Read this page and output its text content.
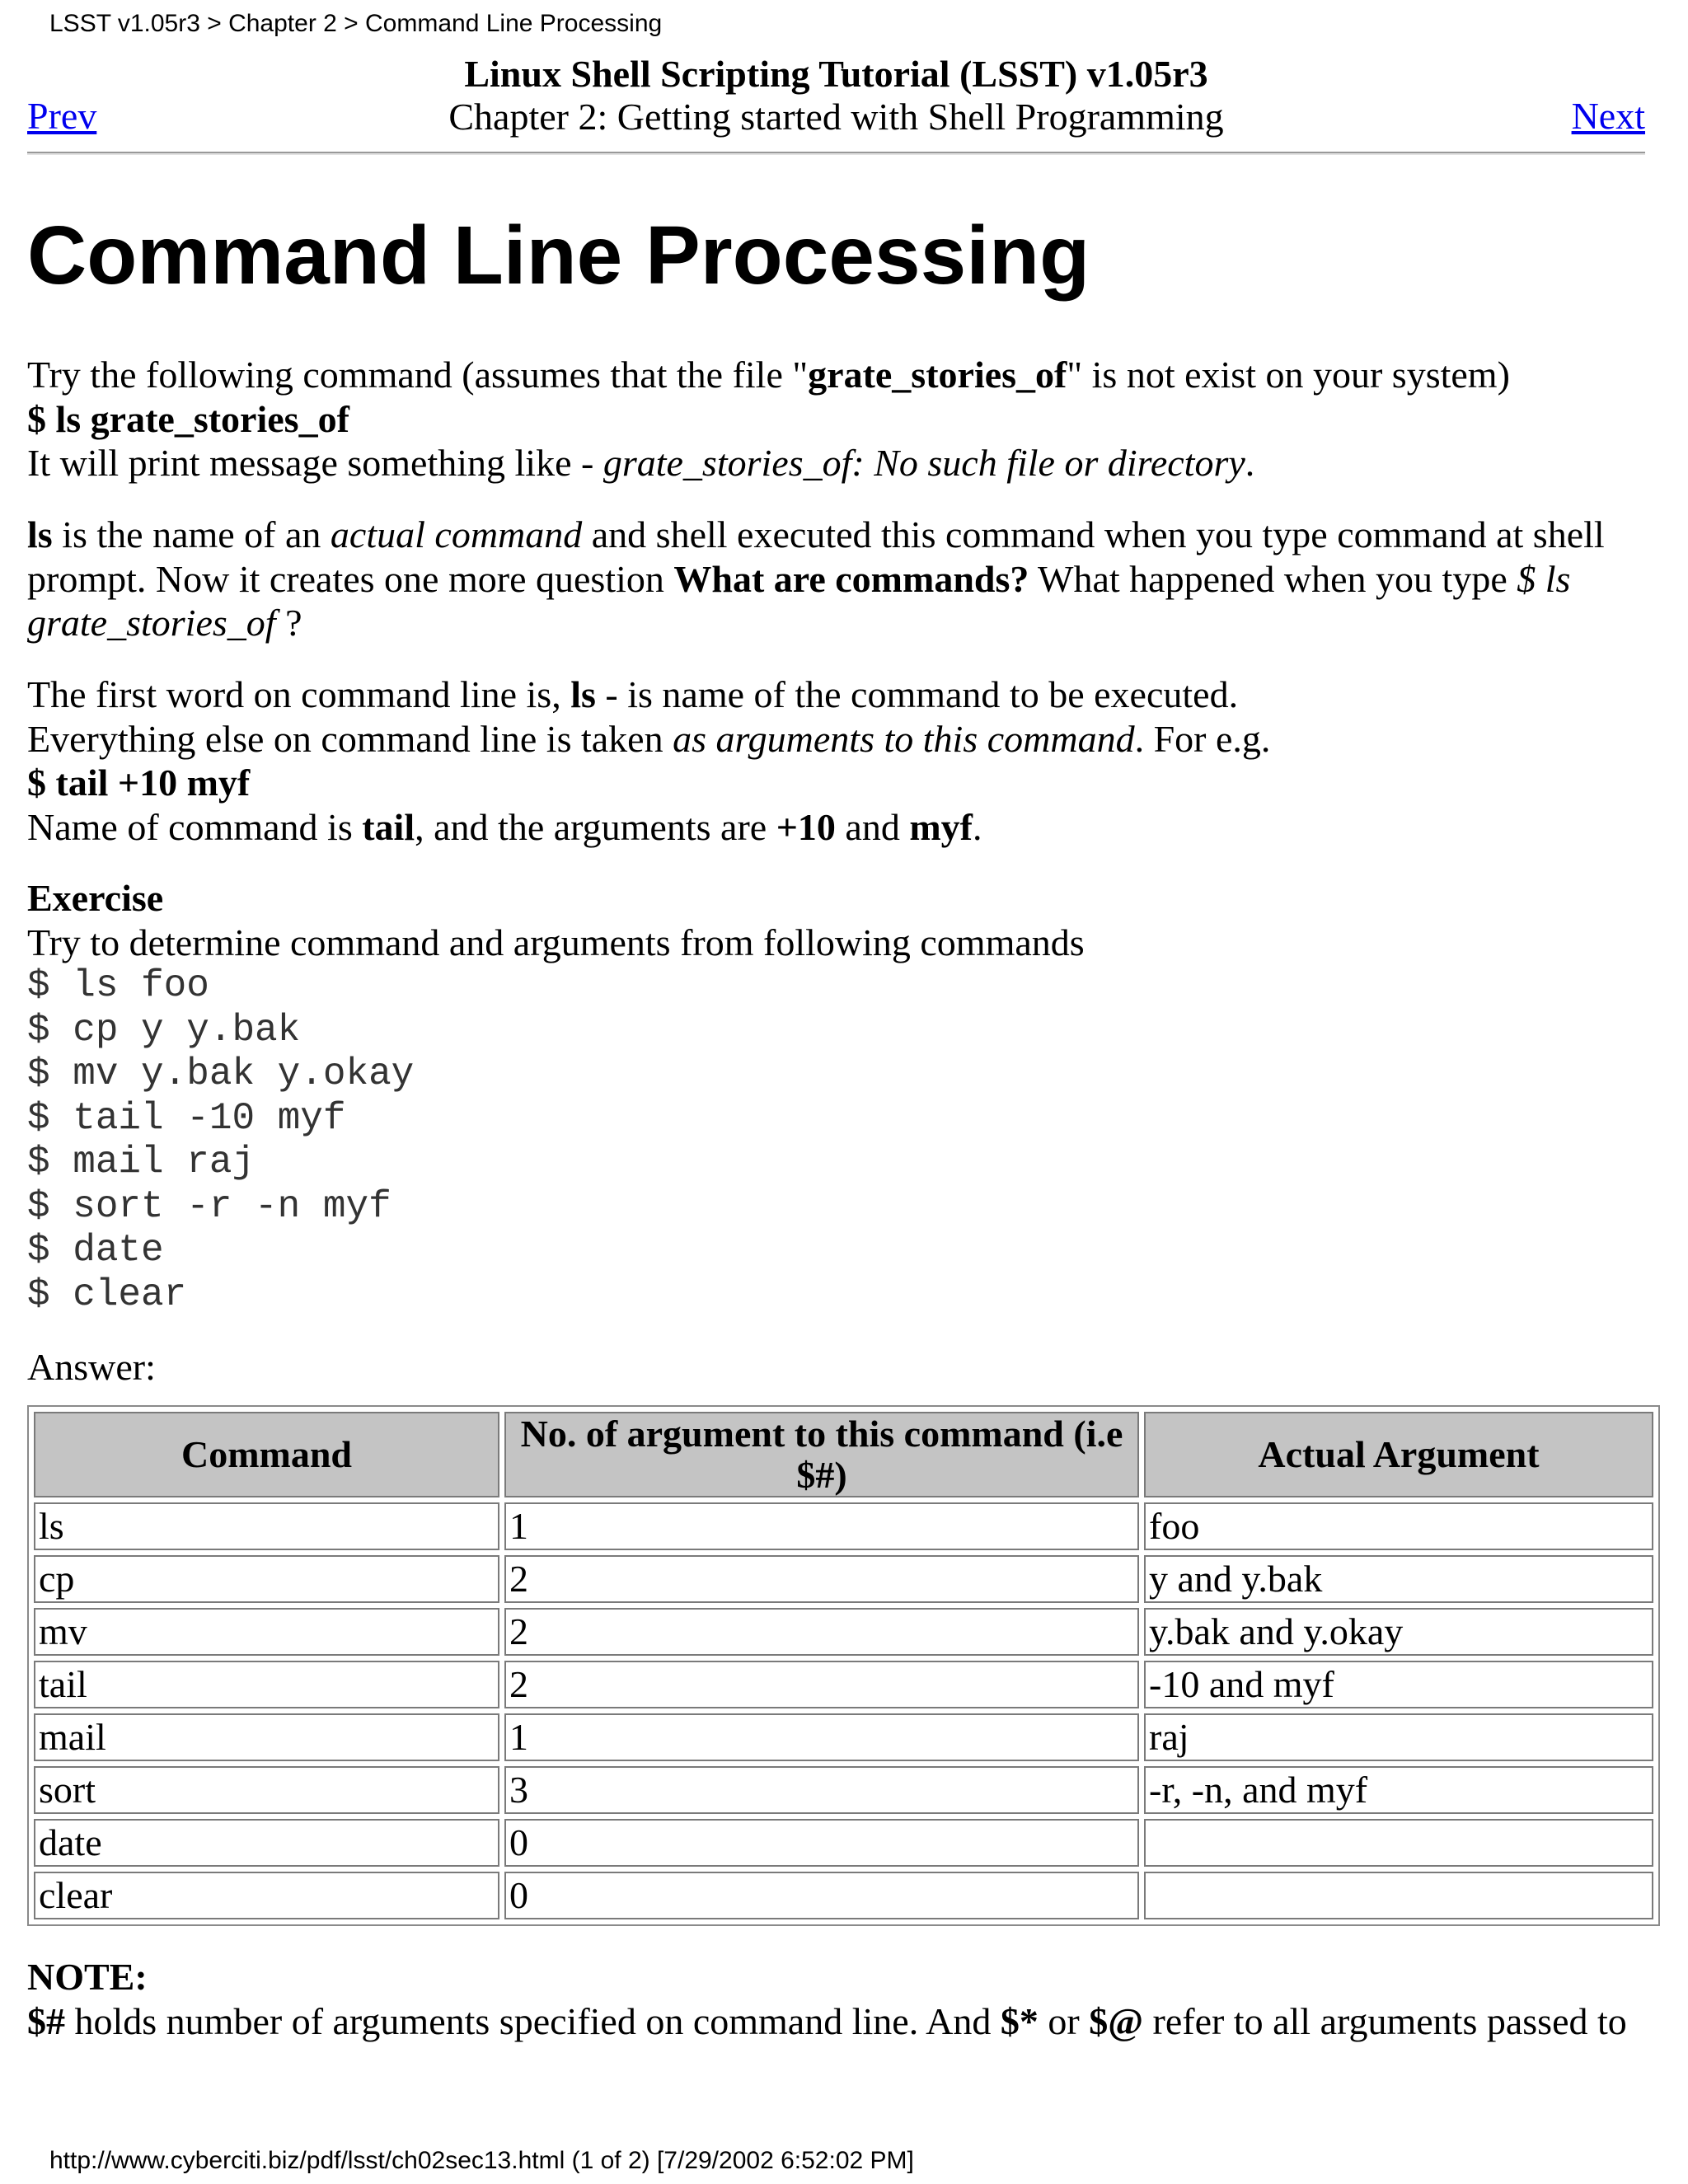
LSST v1.05r3 > Chapter 2 > Command Line Processing
Prev
Linux Shell Scripting Tutorial (LSST) v1.05r3
Chapter 2: Getting started with Shell Programming	Next
Command Line Processing
Try the following command (assumes that the file "grate_stories_of" is not exist on your system)
$ ls grate_stories_of
It will print message something like - grate_stories_of: No such file or directory.
ls is the name of an actual command and shell executed this command when you type command at shell prompt. Now it creates one more question What are commands? What happened when you type $ ls grate_stories_of ?
The first word on command line is, ls - is name of the command to be executed.
Everything else on command line is taken as arguments to this command. For e.g.
$ tail +10 myf
Name of command is tail, and the arguments are +10 and myf.
Exercise
Try to determine command and arguments from following commands
$ ls foo
$ cp y y.bak
$ mv y.bak y.okay
$ tail -10 myf
$ mail raj
$ sort -r -n myf
$ date
$ clear
Answer:
Command	No. of argument to this command (i.e $#)	Actual Argument
ls	1	foo
cp	2	y and y.bak
mv	2	y.bak and y.okay
tail	2	-10 and myf
mail	1	raj
sort	3	-r, -n, and myf
date	0	
clear	0	
NOTE:
$# holds number of arguments specified on command line. And $* or $@ refer to all arguments passed to
http://www.cyberciti.biz/pdf/lsst/ch02sec13.html (1 of 2) [7/29/2002 6:52:02 PM]
